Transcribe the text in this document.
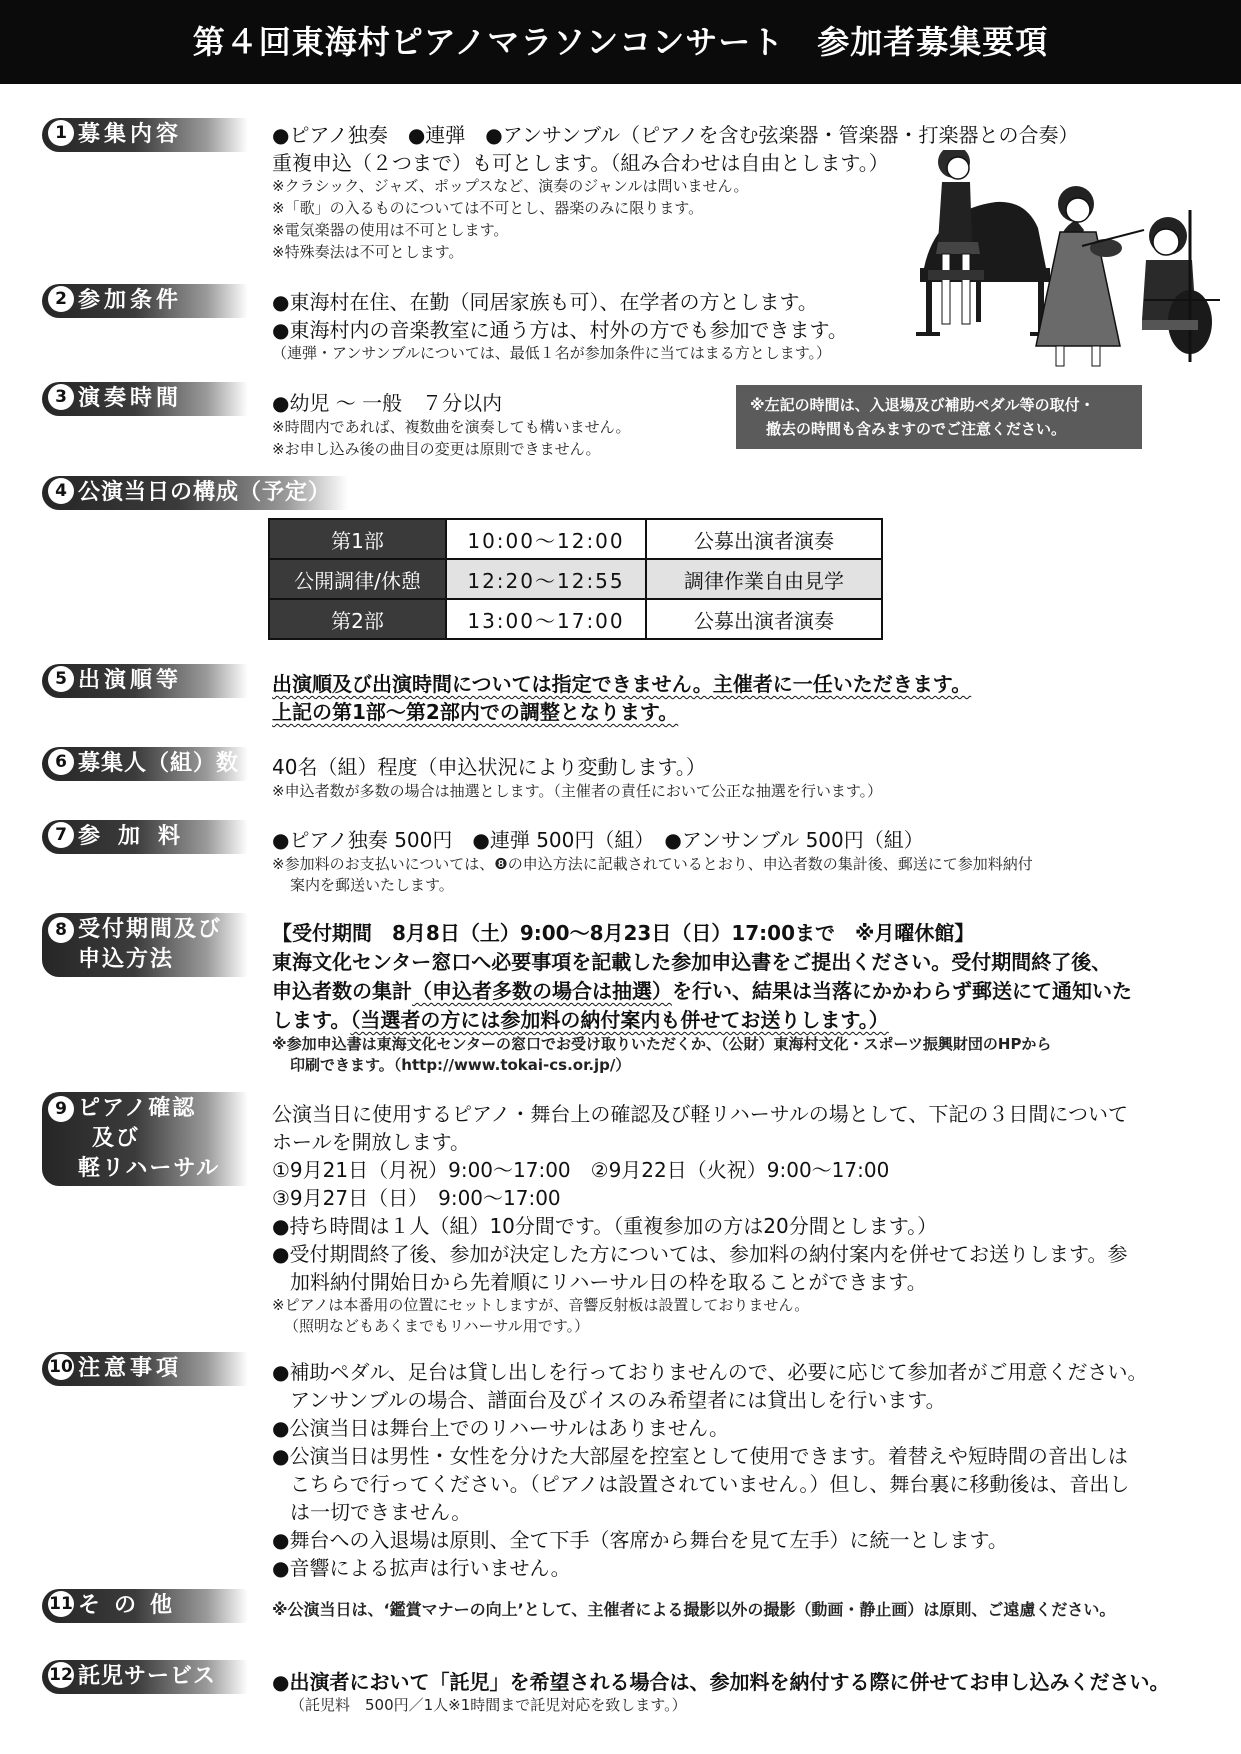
第４回東海村ピアノマラソンコンサート　参加者募集要項
1 募集内容	●ピアノ独奏　●連弾　●アンサンブル（ピアノを含む弦楽器・管楽器・打楽器との合奏）
重複申込（２つまで）も可とします。（組み合わせは自由とします。）
※クラシック、ジャズ、ポップスなど、演奏のジャンルは問いません。
※「歌」の入るものについては不可とし、器楽のみに限ります。
※電気楽器の使用は不可とします。
※特殊奏法は不可とします。
2 参加条件	●東海村在住、在勤（同居家族も可）、在学者の方とします。
●東海村内の音楽教室に通う方は、村外の方でも参加できます。
（連弾・アンサンブルについては、最低１名が参加条件に当てはまる方とします。）
3 演奏時間	●幼児 ～ 一般　７分以内
※時間内であれば、複数曲を演奏しても構いません。
※お申し込み後の曲目の変更は原則できません。
※左記の時間は、入退場及び補助ペダル等の取付・
撤去の時間も含みますのでご注意ください。
4 公演当日の構成（予定）
第1部	10:00～12:00	公募出演者演奏
公開調律/休憩	12:20～12:55	調律作業自由見学
第2部	13:00～17:00	公募出演者演奏
5 出演順等	出演順及び出演時間については指定できません。主催者に一任いただきます。
上記の第1部～第2部内での調整となります。
6 募集人（組）数	40名（組）程度（申込状況により変動します。）
※申込者数が多数の場合は抽選とします。（主催者の責任において公正な抽選を行います。）
7 参加料	●ピアノ独奏 500円　●連弾 500円（組）　●アンサンブル 500円（組）
※参加料のお支払いについては、❽の申込方法に記載されているとおり、申込者数の集計後、郵送にて参加料納付
案内を郵送いたします。
8 受付期間及び
申込方法
【受付期間　8月8日（土）9:00～8月23日（日）17:00まで　※月曜休館】
東海文化センター窓口へ必要事項を記載した参加申込書をご提出ください。受付期間終了後、
申込者数の集計（申込者多数の場合は抽選）を行い、結果は当落にかかわらず郵送にて通知いた
します。（当選者の方には参加料の納付案内も併せてお送りします。）
※参加申込書は東海文化センターの窓口でお受け取りいただくか、（公財）東海村文化・スポーツ振興財団のHPから
印刷できます。（http://www.tokai-cs.or.jp/）
9 ピアノ確認
及び
軽リハーサル
公演当日に使用するピアノ・舞台上の確認及び軽リハーサルの場として、下記の３日間について
ホールを開放します。
①9月21日（月祝）9:00～17:00　②9月22日（火祝）9:00～17:00
③9月27日（日）　9:00～17:00
●持ち時間は１人（組）10分間です。（重複参加の方は20分間とします。）
●受付期間終了後、参加が決定した方については、参加料の納付案内を併せてお送りします。参
加料納付開始日から先着順にリハーサル日の枠を取ることができます。
※ピアノは本番用の位置にセットしますが、音響反射板は設置しておりません。
（照明などもあくまでもリハーサル用です。）
10 注意事項	●補助ペダル、足台は貸し出しを行っておりませんので、必要に応じて参加者がご用意ください。
アンサンブルの場合、譜面台及びイスのみ希望者には貸出しを行います。
●公演当日は舞台上でのリハーサルはありません。
●公演当日は男性・女性を分けた大部屋を控室として使用できます。着替えや短時間の音出しは
こちらで行ってください。（ピアノは設置されていません。）但し、舞台裏に移動後は、音出し
は一切できません。
●舞台への入退場は原則、全て下手（客席から舞台を見て左手）に統一とします。
●音響による拡声は行いません。
11 その他	※公演当日は、‘鑑賞マナーの向上’として、主催者による撮影以外の撮影（動画・静止画）は原則、ご遠慮ください。
12 託児サービス	●出演者において「託児」を希望される場合は、参加料を納付する際に併せてお申し込みください。
（託児料　500円／1人※1時間まで託児対応を致します。）
